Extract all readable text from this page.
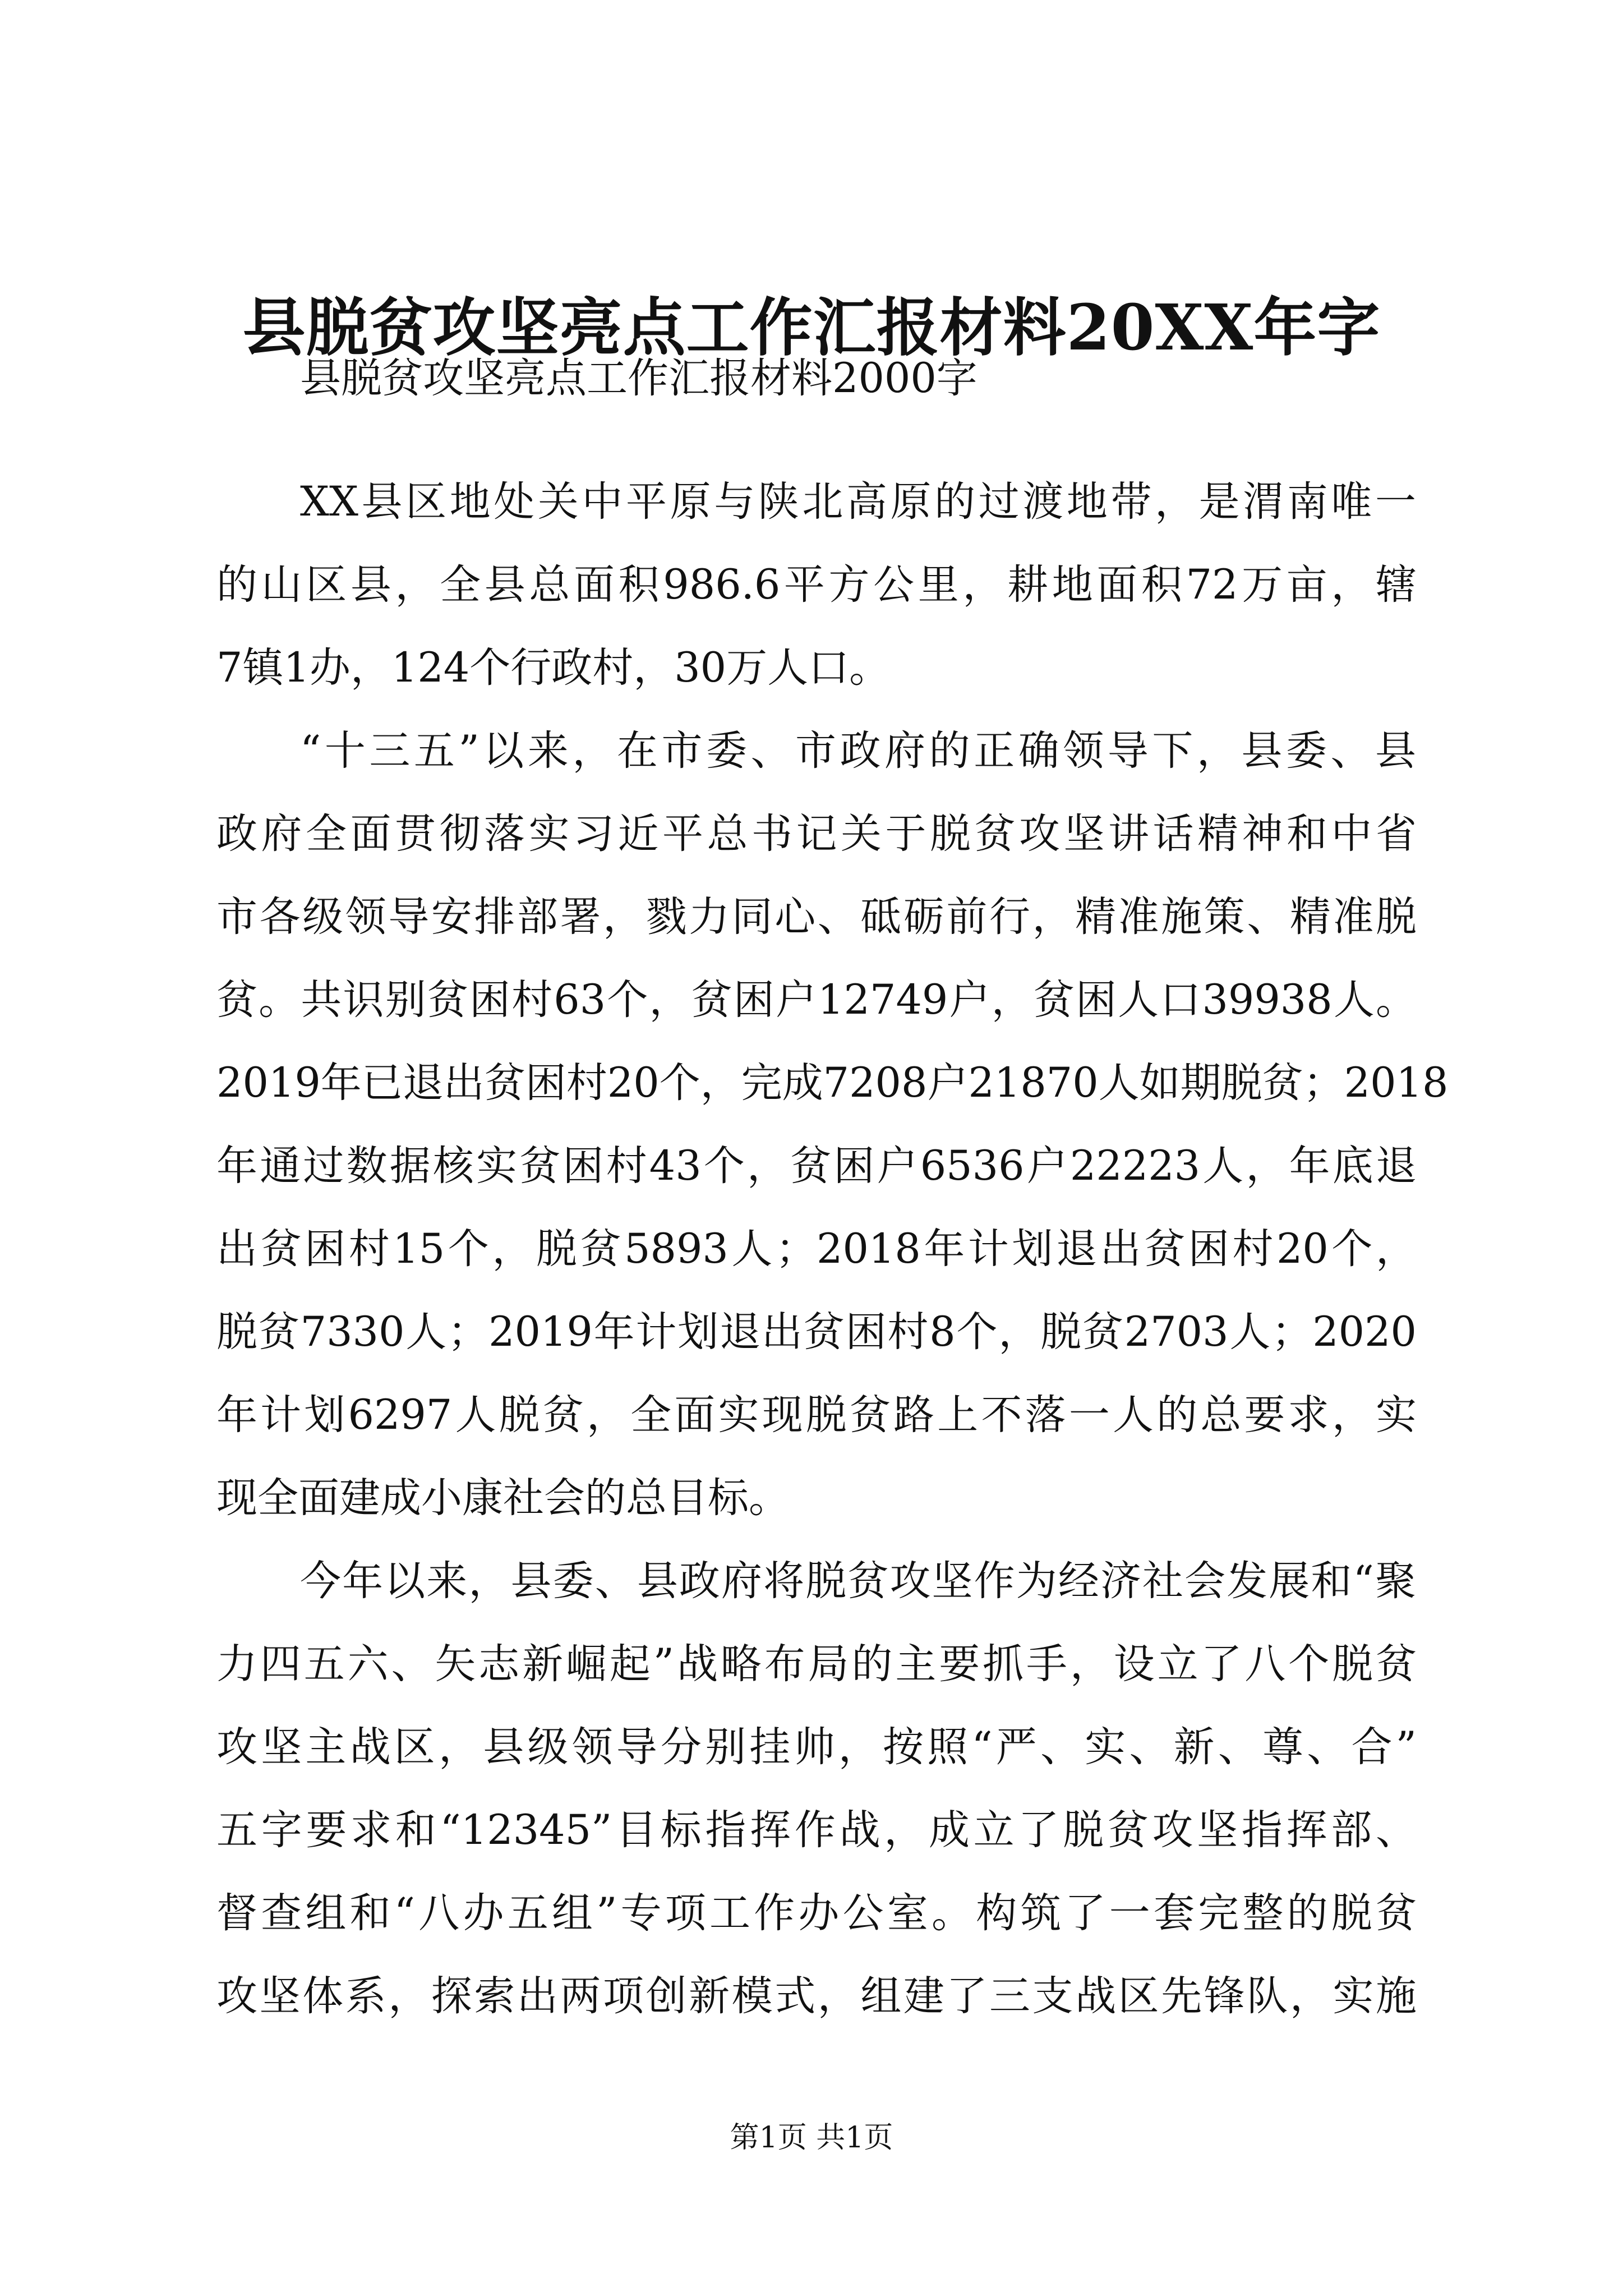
县脱贫攻坚亮点工作汇报材料20XX年字
县脱贫攻坚亮点工作汇报材料2000字
XX县区地处关中平原与陕北高原的过渡地带，是渭南唯一
的山区县，全县总面积986.6平方公里，耕地面积72万亩，辖
7镇1办，124个行政村，30万人口。
“十三五”以来，在市委、市政府的正确领导下，县委、县
政府全面贯彻落实习近平总书记关于脱贫攻坚讲话精神和中省
市各级领导安排部署，戮力同心、砥砺前行，精准施策、精准脱
贫。共识别贫困村63个，贫困户12749户，贫困人口39938人。
2019年已退出贫困村20个，完成7208户21870人如期脱贫；2018
年通过数据核实贫困村43个，贫困户6536户22223人，年底退
出贫困村15个，脱贫5893人；2018年计划退出贫困村20个，
脱贫7330人；2019年计划退出贫困村8个，脱贫2703人；2020
年计划6297人脱贫，全面实现脱贫路上不落一人的总要求，实
现全面建成小康社会的总目标。
今年以来，县委、县政府将脱贫攻坚作为经济社会发展和“聚
力四五六、矢志新崛起”战略布局的主要抓手，设立了八个脱贫
攻坚主战区，县级领导分别挂帅，按照“严、实、新、尊、合”
五字要求和“12345”目标指挥作战，成立了脱贫攻坚指挥部、
督查组和“八办五组”专项工作办公室。构筑了一套完整的脱贫
攻坚体系，探索出两项创新模式，组建了三支战区先锋队，实施
第1页 共1页
